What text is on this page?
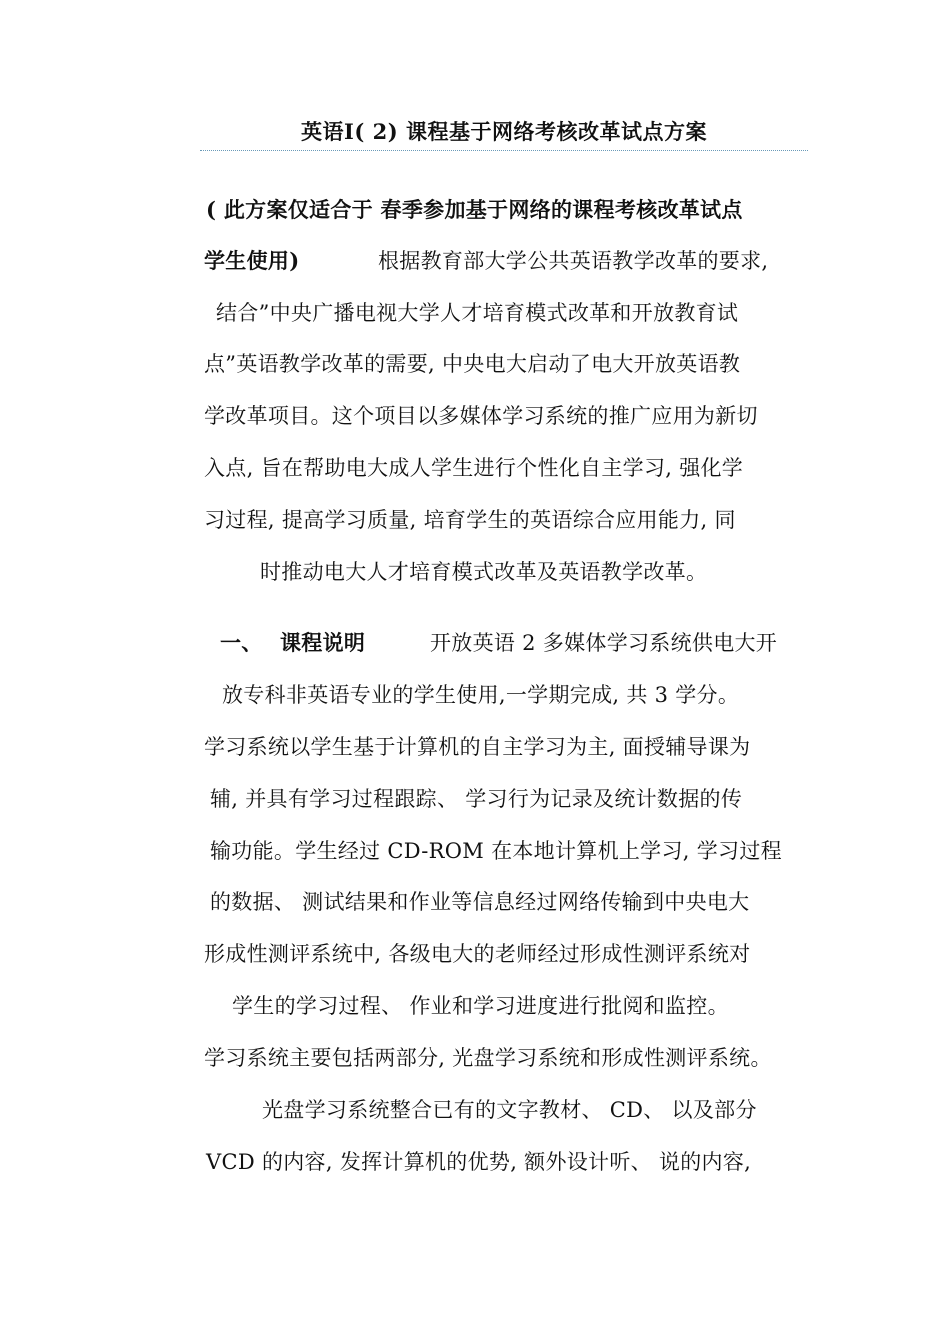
英语I( 2) 课程基于网络考核改革试点方案
( 此方案仅适合于 春季参加基于网络的课程考核改革试点
学生使用)	根据教育部大学公共英语教学改革的要求,
结合”中央广播电视大学人才培育模式改革和开放教育试
点”英语教学改革的需要, 中央电大启动了电大开放英语教
学改革项目。这个项目以多媒体学习系统的推广应用为新切
入点, 旨在帮助电大成人学生进行个性化自主学习, 强化学
习过程, 提高学习质量, 培育学生的英语综合应用能力, 同
时推动电大人才培育模式改革及英语教学改革。
一、 课程说明	开放英语 2 多媒体学习系统供电大开
放专科非英语专业的学生使用,一学期完成, 共 3 学分。
学习系统以学生基于计算机的自主学习为主, 面授辅导课为
辅, 并具有学习过程跟踪、 学习行为记录及统计数据的传
输功能。学生经过 CD-ROM 在本地计算机上学习, 学习过程
的数据、 测试结果和作业等信息经过网络传输到中央电大
形成性测评系统中, 各级电大的老师经过形成性测评系统对
学生的学习过程、 作业和学习进度进行批阅和监控。
学习系统主要包括两部分, 光盘学习系统和形成性测评系统。
光盘学习系统整合已有的文字教材、 CD、 以及部分
VCD 的内容, 发挥计算机的优势, 额外设计听、 说的内容,
